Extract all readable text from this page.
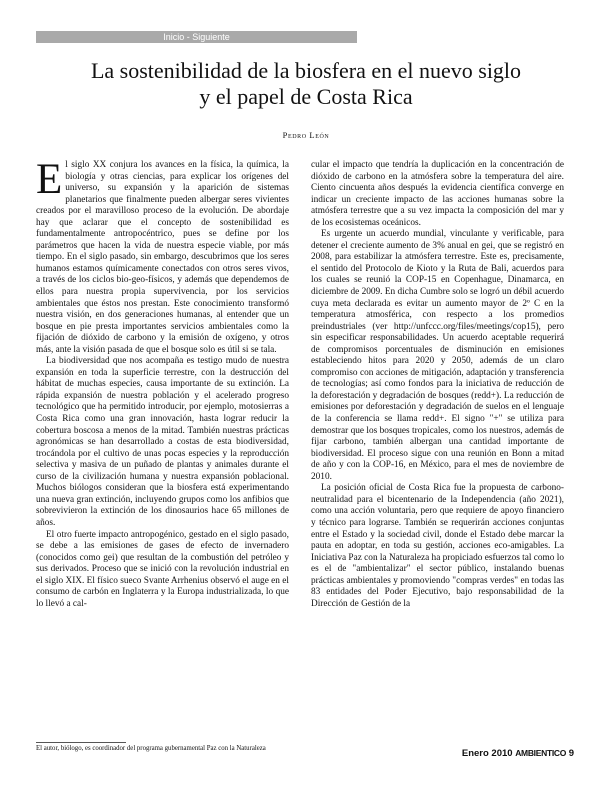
Inicio - Siguiente
La sostenibilidad de la biosfera en el nuevo siglo
y el papel de Costa Rica
Pedro León

El siglo XX conjura los avances en la física, la química, la biología y otras ciencias, para explicar los orígenes del universo, su expansión y la aparición de sistemas planetarios que finalmente pueden albergar seres vivientes creados por el maravilloso proceso de la evolución. De abordaje hay que aclarar que el concepto de sostenibilidad es fundamentalmente antropocéntrico, pues se define por los parámetros que hacen la vida de nuestra especie viable, por más tiempo. En el siglo pasado, sin embargo, descubrimos que los seres humanos estamos químicamente conectados con otros seres vivos, a través de los ciclos bio-geo-físicos, y además que dependemos de ellos para nuestra propia supervivencia, por los servicios ambientales que éstos nos prestan. Este conocimiento transformó nuestra visión, en dos generaciones humanas, al entender que un bosque en pie presta importantes servicios ambientales como la fijación de dióxido de carbono y la emisión de oxígeno, y otros más, ante la visión pasada de que el bosque solo es útil si se tala.

La biodiversidad que nos acompaña es testigo mudo de nuestra expansión en toda la superficie terrestre, con la destrucción del hábitat de muchas especies, causa importante de su extinción. La rápida expansión de nuestra población y el acelerado progreso tecnológico que ha permitido introducir, por ejemplo, motosierras a Costa Rica como una gran innovación, hasta lograr reducir la cobertura boscosa a menos de la mitad. También nuestras prácticas agronómicas se han desarrollado a costas de esta biodiversidad, trocándola por el cultivo de unas pocas especies y la reproducción selectiva y masiva de un puñado de plantas y animales durante el curso de la civilización humana y nuestra expansión poblacional. Muchos biólogos consideran que la biosfera está experimentando una nueva gran extinción, incluyendo grupos como los anfibios que sobrevivieron la extinción de los dinosaurios hace 65 millones de años.

El otro fuerte impacto antropogénico, gestado en el siglo pasado, se debe a las emisiones de gases de efecto de invernadero (conocidos como gei) que resultan de la combustión del petróleo y sus derivados. Proceso que se inició con la revolución industrial en el siglo XIX. El físico sueco Svante Arrhenius observó el auge en el consumo de carbón en Inglaterra y la Europa industrializada, lo que lo llevó a cal-

cular el impacto que tendría la duplicación en la concentración de dióxido de carbono en la atmósfera sobre la temperatura del aire. Ciento cincuenta años después la evidencia científica converge en indicar un creciente impacto de las acciones humanas sobre la atmósfera terrestre que a su vez impacta la composición del mar y de los ecosistemas oceánicos.

Es urgente un acuerdo mundial, vinculante y verificable, para detener el creciente aumento de 3% anual en gei, que se registró en 2008, para estabilizar la atmósfera terrestre. Este es, precisamente, el sentido del Protocolo de Kioto y la Ruta de Bali, acuerdos para los cuales se reunió la COP-15 en Copenhague, Dinamarca, en diciembre de 2009. En dicha Cumbre solo se logró un débil acuerdo cuya meta declarada es evitar un aumento mayor de 2º C en la temperatura atmosférica, con respecto a los promedios preindustriales (ver http://unfccc.org/files/meetings/cop15), pero sin especificar responsabilidades. Un acuerdo aceptable requerirá de compromisos porcentuales de disminución en emisiones estableciendo hitos para 2020 y 2050, además de un claro compromiso con acciones de mitigación, adaptación y transferencia de tecnologías; así como fondos para la iniciativa de reducción de la deforestación y degradación de bosques (redd+). La reducción de emisiones por deforestación y degradación de suelos en el lenguaje de la conferencia se llama redd+. El signo "+" se utiliza para demostrar que los bosques tropicales, como los nuestros, además de fijar carbono, también albergan una cantidad importante de biodiversidad. El proceso sigue con una reunión en Bonn a mitad de año y con la COP-16, en México, para el mes de noviembre de 2010.

La posición oficial de Costa Rica fue la propuesta de carbono-neutralidad para el bicentenario de la Independencia (año 2021), como una acción voluntaria, pero que requiere de apoyo financiero y técnico para lograrse. También se requerirán acciones conjuntas entre el Estado y la sociedad civil, donde el Estado debe marcar la pauta en adoptar, en toda su gestión, acciones eco-amigables. La Iniciativa Paz con la Naturaleza ha propiciado esfuerzos tal como lo es el de "ambientalizar" el sector público, instalando buenas prácticas ambientales y promoviendo "compras verdes" en todas las 83 entidades del Poder Ejecutivo, bajo responsabilidad de la Dirección de Gestión de la

El autor, biólogo, es coordinador del programa gubernamental Paz con la Naturaleza	Enero 2010 AMBIENTICO 9
